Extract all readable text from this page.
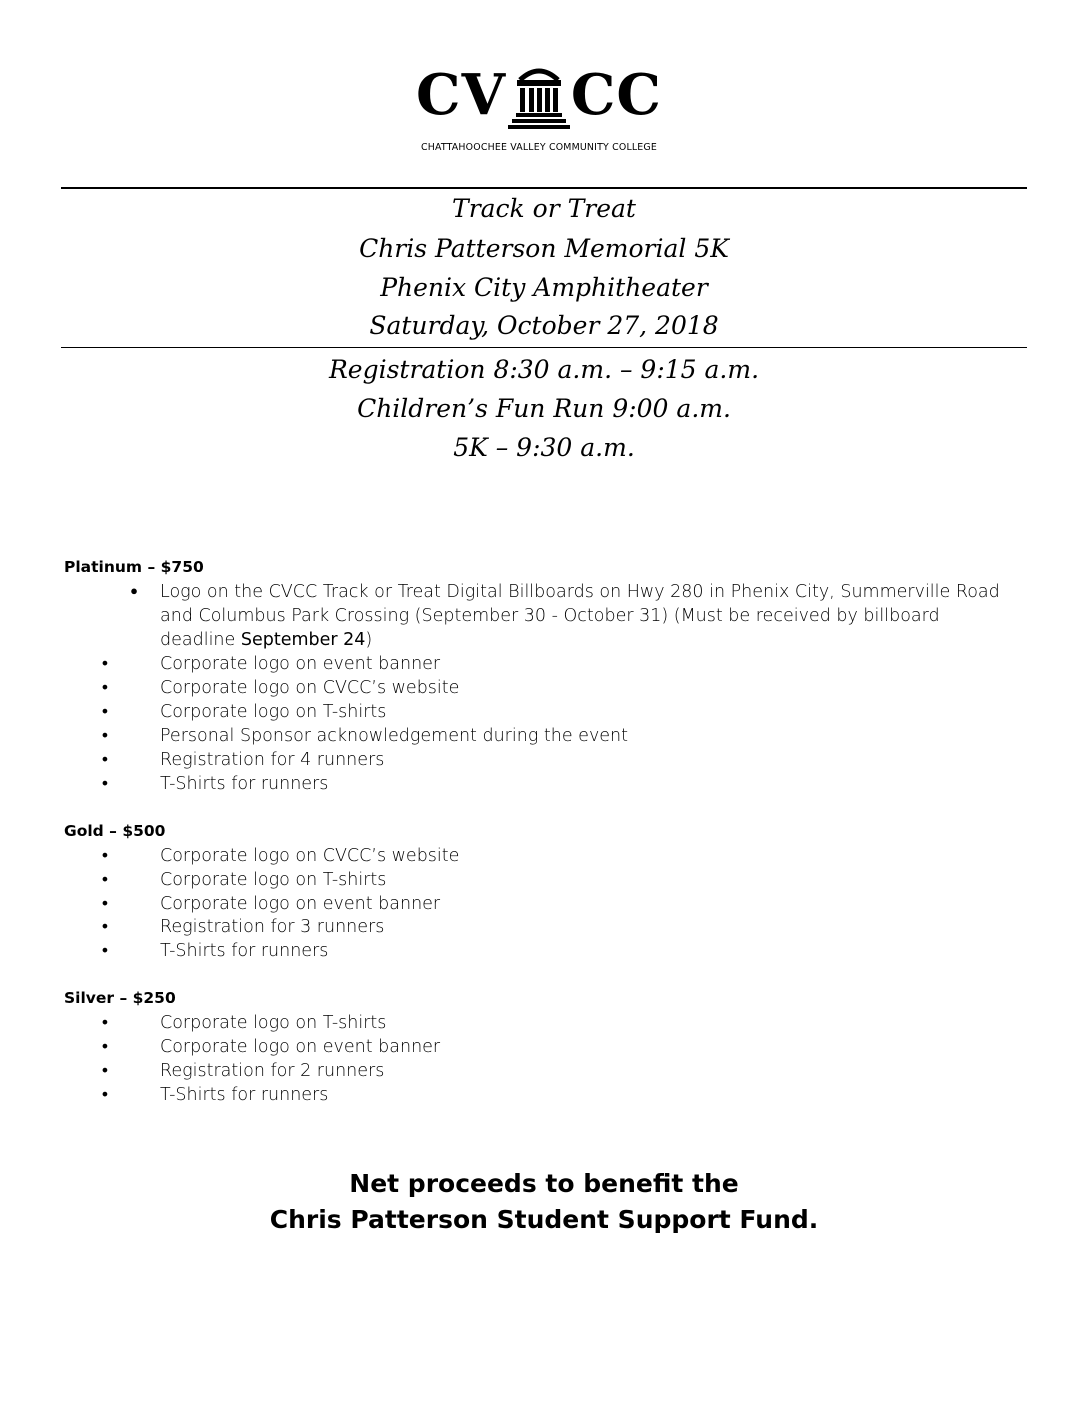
CV CC
CHATTAHOOCHEE VALLEY COMMUNITY COLLEGE
Track or Treat
Chris Patterson Memorial 5K
Phenix City Amphitheater
Saturday, October 27, 2018
Registration 8:30 a.m. – 9:15 a.m.
Children’s Fun Run 9:00 a.m.
5K – 9:30 a.m.
Platinum – $750
● Logo on the CVCC Track or Treat Digital Billboards on Hwy 280 in Phenix City, Summerville Road and Columbus Park Crossing (September 30 - October 31) (Must be received by billboard deadline September 24)
•	Corporate logo on event banner
•	Corporate logo on CVCC’s website
•	Corporate logo on T-shirts
•	Personal Sponsor acknowledgement during the event
•	Registration for 4 runners
•	T-Shirts for runners
Gold – $500
•	Corporate logo on CVCC’s website
•	Corporate logo on T-shirts
•	Corporate logo on event banner
•	Registration for 3 runners
•	T-Shirts for runners
Silver – $250
•	Corporate logo on T-shirts
•	Corporate logo on event banner
•	Registration for 2 runners
•	T-Shirts for runners
Net proceeds to benefit the
Chris Patterson Student Support Fund.
